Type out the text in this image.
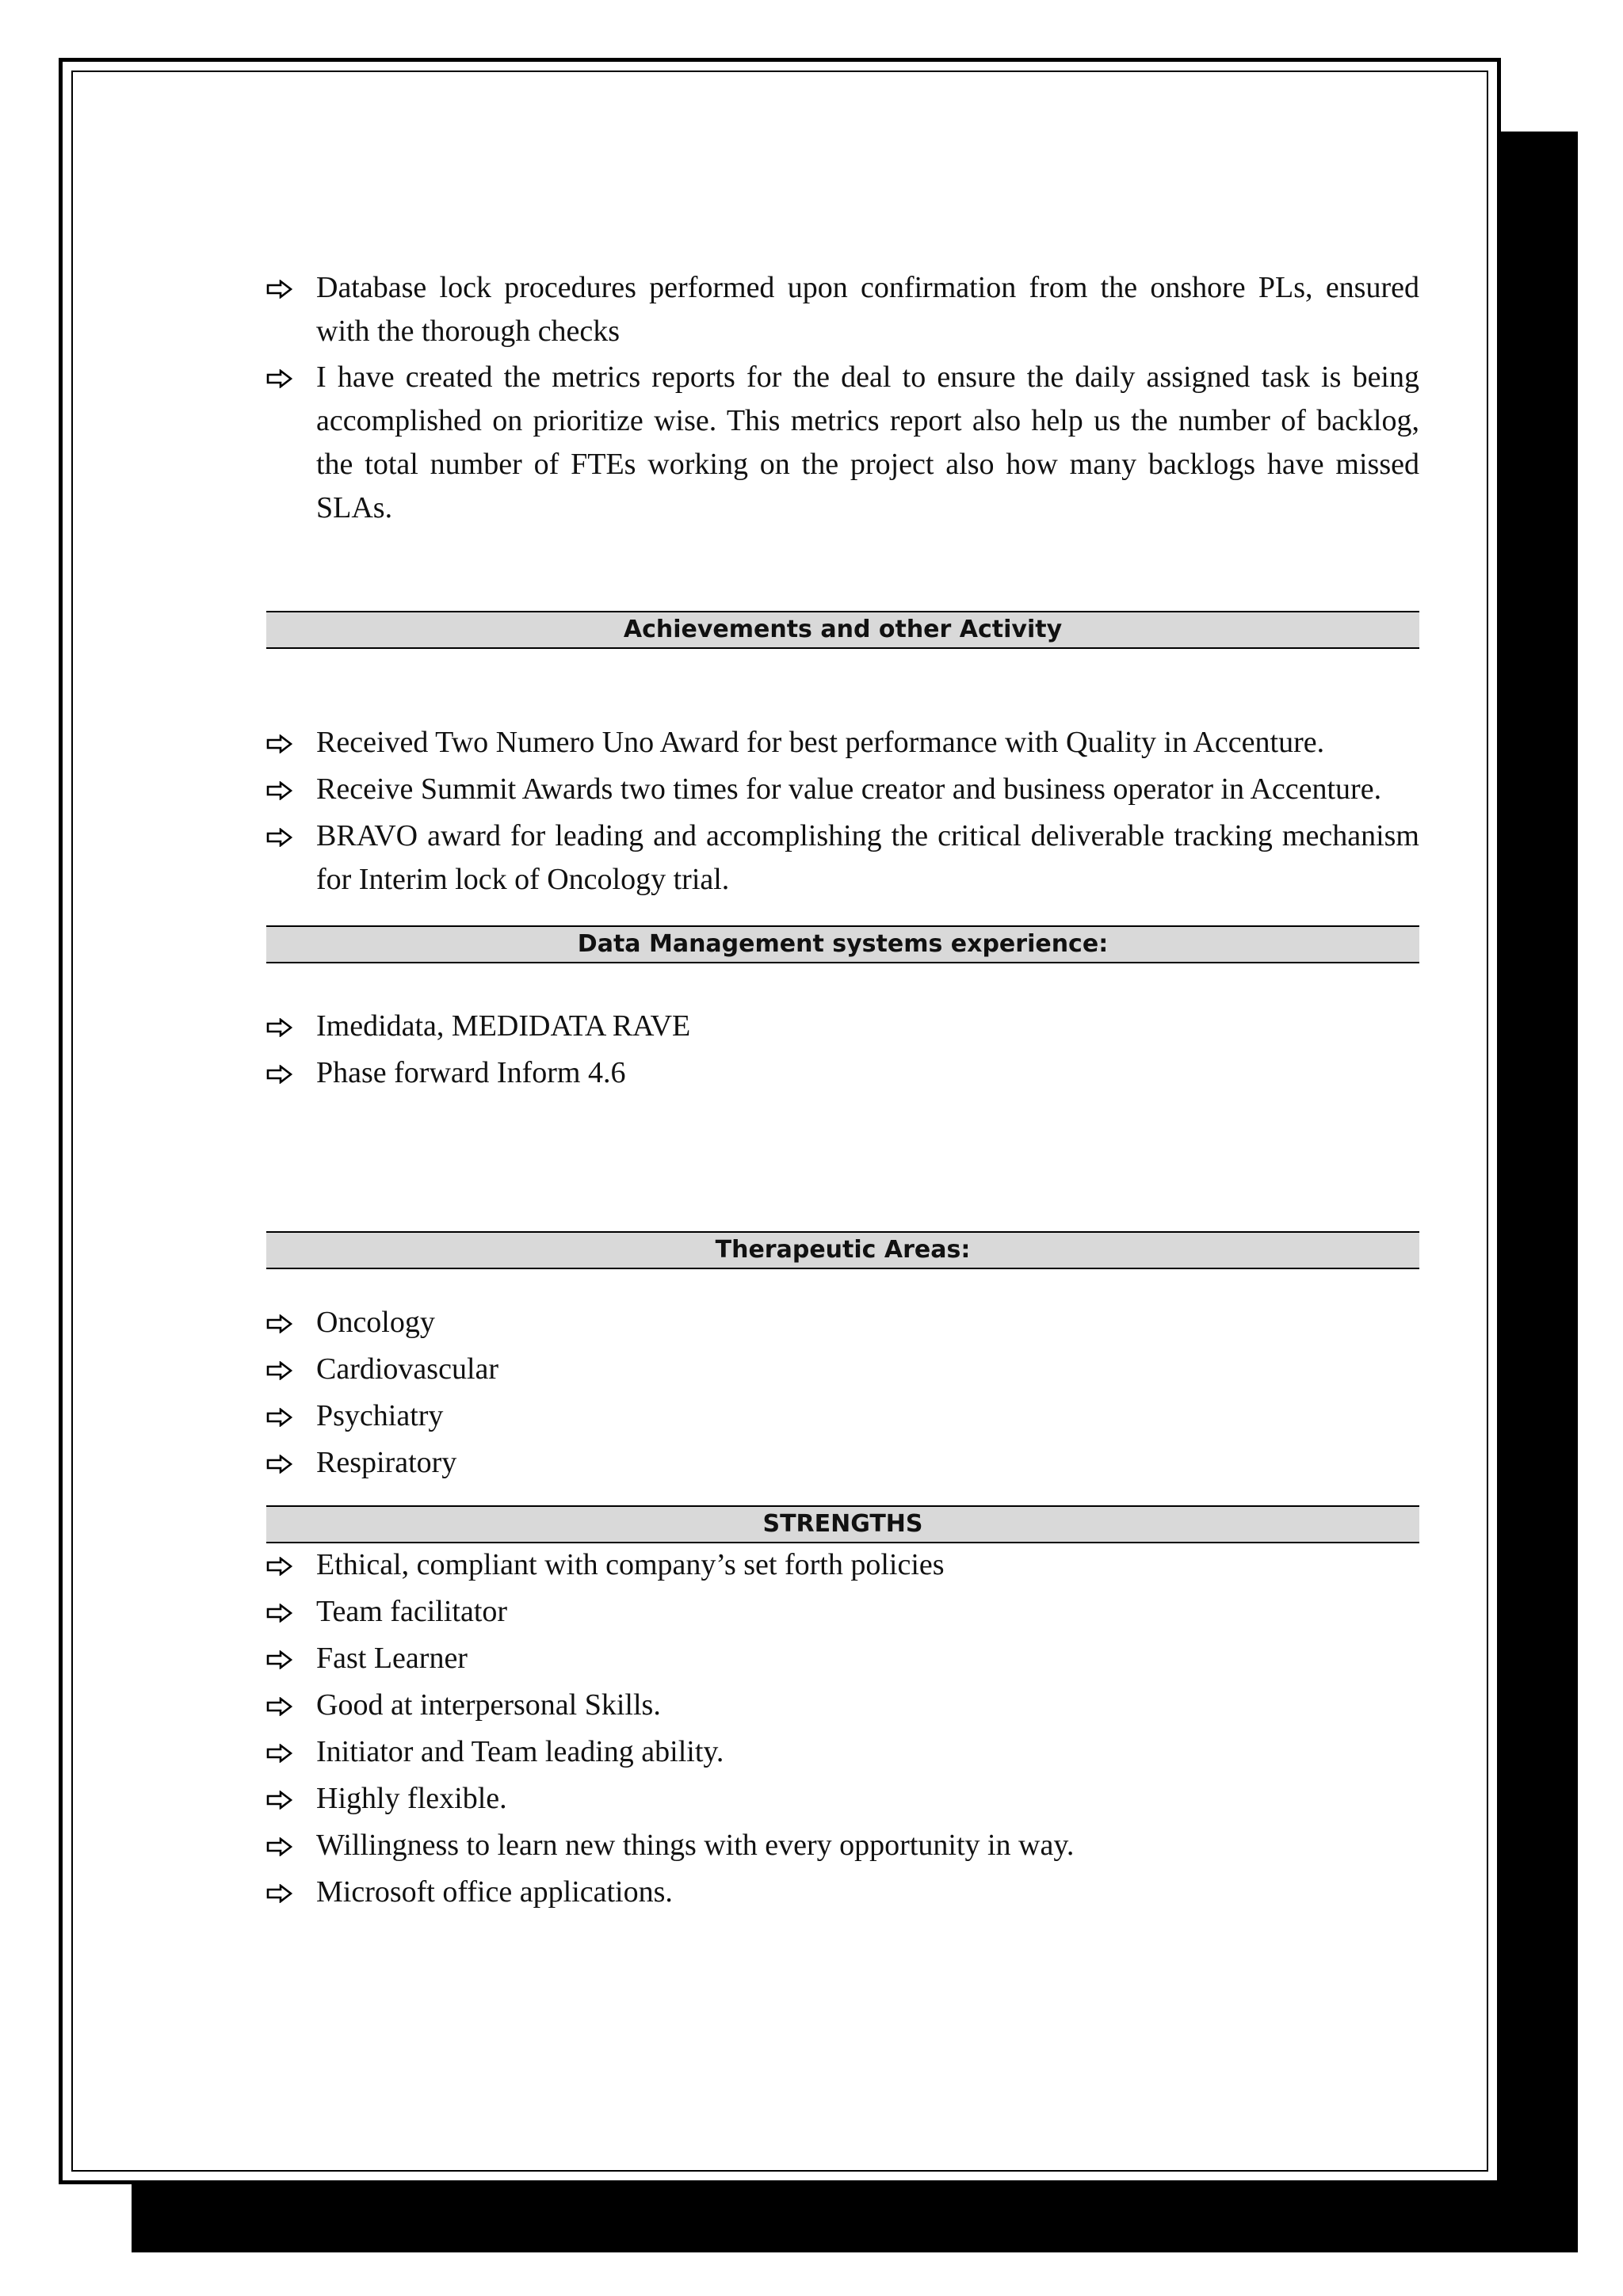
Database lock procedures performed upon confirmation from the onshore PLs, ensured with the thorough checks
I have created the metrics reports for the deal to ensure the daily assigned task is being accomplished on prioritize wise. This metrics report also help us the number of backlog, the total number of FTEs working on the project also how many backlogs have missed SLAs.
Achievements and other Activity
Received Two Numero Uno Award for best performance with Quality in Accenture.
Receive Summit Awards two times for value creator and business operator in Accenture.
BRAVO award for leading and accomplishing the critical deliverable tracking mechanism for Interim lock of Oncology trial.
Data Management systems experience:
Imedidata, MEDIDATA RAVE
Phase forward Inform 4.6
Therapeutic Areas:
Oncology
Cardiovascular
Psychiatry
Respiratory
STRENGTHS
Ethical, compliant with company’s set forth policies
Team facilitator
Fast Learner
Good at interpersonal Skills.
Initiator and Team leading ability.
Highly flexible.
Willingness to learn new things with every opportunity in way.
Microsoft office applications.
